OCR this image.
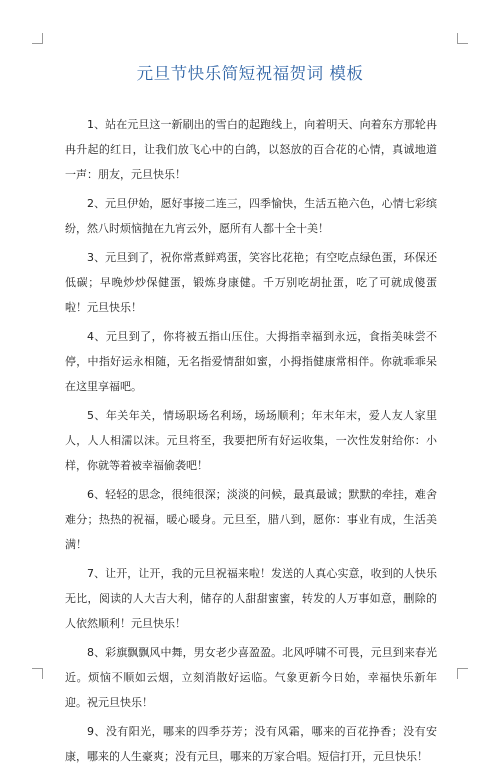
元旦节快乐简短祝福贺词 模板

1、站在元旦这一新刷出的雪白的起跑线上，向着明天、向着东方那轮冉冉升起的红日，让我们放飞心中的白鸽，以怒放的百合花的心情，真诚地道一声：朋友，元旦快乐！

2、元旦伊始，愿好事接二连三，四季愉快，生活五艳六色，心情七彩缤纷，然八时烦恼抛在九宵云外，愿所有人都十全十美！

3、元旦到了，祝你常煮鲜鸡蛋，笑容比花艳；有空吃点绿色蛋，环保还低碳；早晚炒炒保健蛋，锻炼身康健。千万别吃胡扯蛋，吃了可就成傻蛋啦！元旦快乐！

4、元旦到了，你将被五指山压住。大拇指幸福到永远，食指美味尝不停，中指好运永相随，无名指爱情甜如蜜，小拇指健康常相伴。你就乖乖呆在这里享福吧。

5、年关年关，情场职场名利场，场场顺利；年末年末，爱人友人家里人，人人相濡以沫。元旦将至，我要把所有好运收集，一次性发射给你：小样，你就等着被幸福偷袭吧！

6、轻轻的思念，很纯很深；淡淡的问候，最真最诚；默默的牵挂，难舍难分；热热的祝福，暖心暖身。元旦至，腊八到，愿你：事业有成，生活美满！

7、让开，让开，我的元旦祝福来啦！发送的人真心实意，收到的人快乐无比，阅读的人大吉大利，储存的人甜甜蜜蜜，转发的人万事如意，删除的人依然顺利！元旦快乐！

8、彩旗飘飘风中舞，男女老少喜盈盈。北风呼啸不可畏，元旦到来春光近。烦恼不顺如云烟，立刻消散好运临。气象更新今日始，幸福快乐新年迎。祝元旦快乐！

9、没有阳光，哪来的四季芬芳；没有风霜，哪来的百花挣香；没有安康，哪来的人生豪爽；没有元旦，哪来的万家合唱。短信打开，元旦快乐！
